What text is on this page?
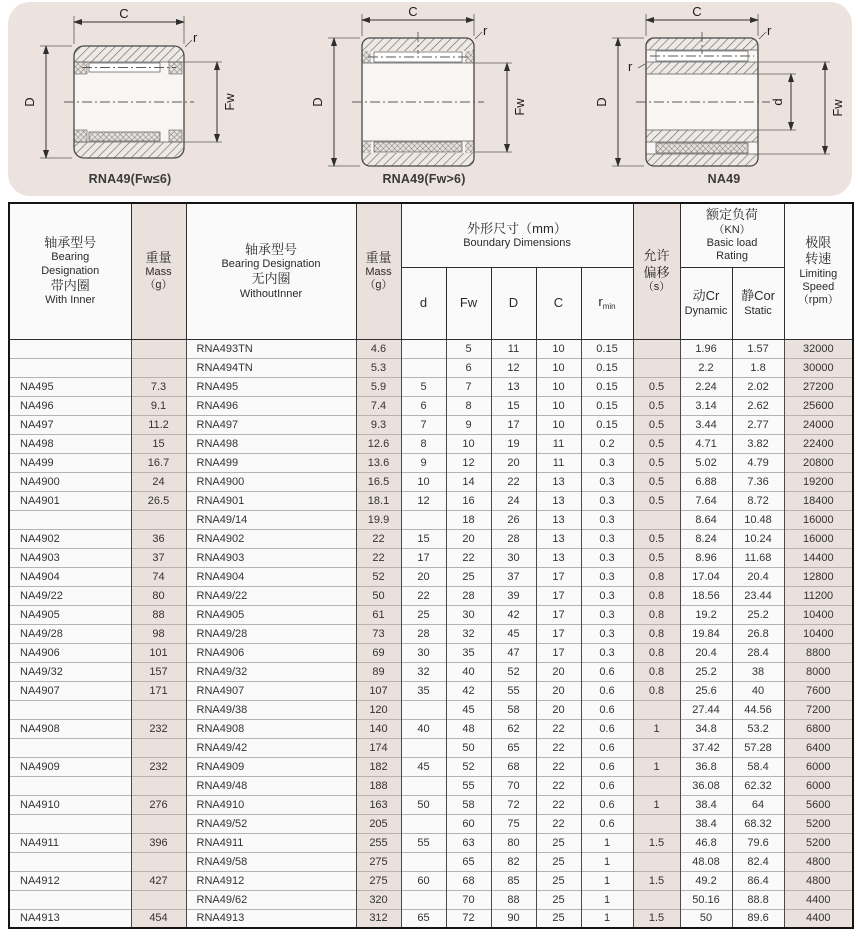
C
r
D	Fw
RNA49(Fw≤6)
C
r
D	Fw
RNA49(Fw>6)
C
r
r
D	d	Fw
NA49
轴承型号
Bearing
Designation
带内圈
With Inner

重量
Mass
（g）

轴承型号
Bearing Designation
无内圈
WithoutInner

重量
Mass
（g）

外形尺寸（mm）
Boundary Dimensions

允许
偏移
（s）

额定负荷
（KN）
Basic load
Rating

极限
转速
Limiting
Speed
（rpm）

d	Fw	D	C	$r_{min}$	
动Cr
Dynamic

静Cor
Static

		RNA493TN	4.6		5	11	10	0.15		1.96	1.57	32000
		RNA494TN	5.3		6	12	10	0.15		2.2	1.8	30000
NA495	7.3	RNA495	5.9	5	7	13	10	0.15	0.5	2.24	2.02	27200
NA496	9.1	RNA496	7.4	6	8	15	10	0.15	0.5	3.14	2.62	25600
NA497	11.2	RNA497	9.3	7	9	17	10	0.15	0.5	3.44	2.77	24000
NA498	15	RNA498	12.6	8	10	19	11	0.2	0.5	4.71	3.82	22400
NA499	16.7	RNA499	13.6	9	12	20	11	0.3	0.5	5.02	4.79	20800
NA4900	24	RNA4900	16.5	10	14	22	13	0.3	0.5	6.88	7.36	19200
NA4901	26.5	RNA4901	18.1	12	16	24	13	0.3	0.5	7.64	8.72	18400
		RNA49/14	19.9		18	26	13	0.3		8.64	10.48	16000
NA4902	36	RNA4902	22	15	20	28	13	0.3	0.5	8.24	10.24	16000
NA4903	37	RNA4903	22	17	22	30	13	0.3	0.5	8.96	11.68	14400
NA4904	74	RNA4904	52	20	25	37	17	0.3	0.8	17.04	20.4	12800
NA49/22	80	RNA49/22	50	22	28	39	17	0.3	0.8	18.56	23.44	11200
NA4905	88	RNA4905	61	25	30	42	17	0.3	0.8	19.2	25.2	10400
NA49/28	98	RNA49/28	73	28	32	45	17	0.3	0.8	19.84	26.8	10400
NA4906	101	RNA4906	69	30	35	47	17	0.3	0.8	20.4	28.4	8800
NA49/32	157	RNA49/32	89	32	40	52	20	0.6	0.8	25.2	38	8000
NA4907	171	RNA4907	107	35	42	55	20	0.6	0.8	25.6	40	7600
		RNA49/38	120		45	58	20	0.6		27.44	44.56	7200
NA4908	232	RNA4908	140	40	48	62	22	0.6	1	34.8	53.2	6800
		RNA49/42	174		50	65	22	0.6		37.42	57.28	6400
NA4909	232	RNA4909	182	45	52	68	22	0.6	1	36.8	58.4	6000
		RNA49/48	188		55	70	22	0.6		36.08	62.32	6000
NA4910	276	RNA4910	163	50	58	72	22	0.6	1	38.4	64	5600
		RNA49/52	205		60	75	22	0.6		38.4	68.32	5200
NA4911	396	RNA4911	255	55	63	80	25	1	1.5	46.8	79.6	5200
		RNA49/58	275		65	82	25	1		48.08	82.4	4800
NA4912	427	RNA4912	275	60	68	85	25	1	1.5	49.2	86.4	4800
		RNA49/62	320		70	88	25	1		50.16	88.8	4400
NA4913	454	RNA4913	312	65	72	90	25	1	1.5	50	89.6	4400
